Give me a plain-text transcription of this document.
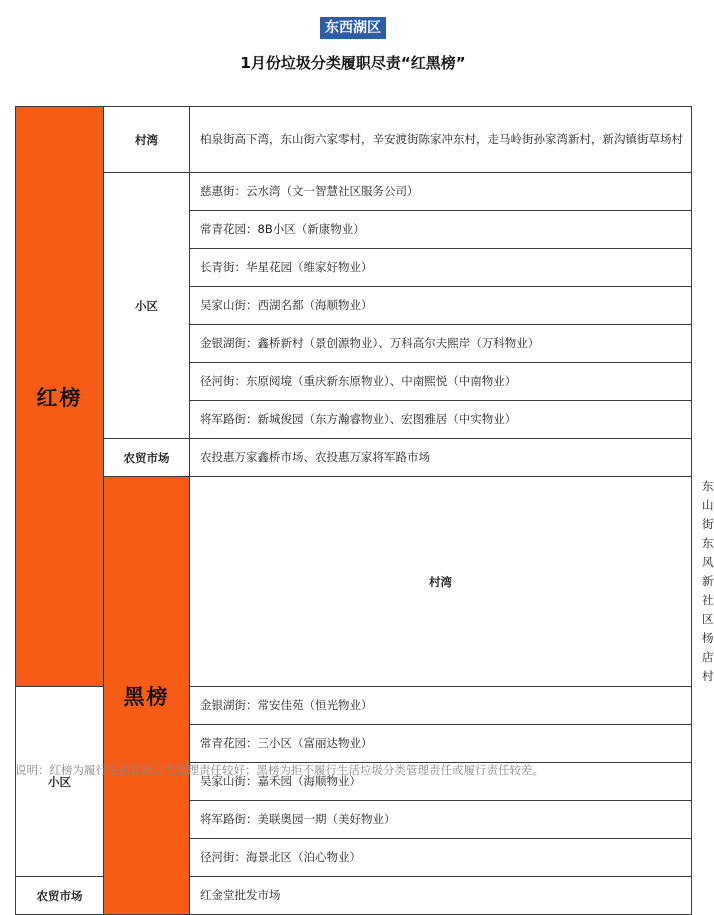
东西湖区
1月份垃圾分类履职尽责“红黑榜”
红榜	村湾	柏泉街高下湾，东山街六家零村，辛安渡街陈家冲东村，走马岭街孙家湾新村，新沟镇街草场村	
	小区	慈惠街：云水湾（文一智慧社区服务公司）	
		常青花园：8B小区（新康物业）	
		长青街：华星花园（维家好物业）	
		吴家山街：西湖名都（海顺物业）	
		金银湖街：鑫桥新村（景创源物业）、万科高尔夫熙岸（万科物业）	
		径河街：东原阅境（重庆新东原物业）、中南熙悦（中南物业）	
		将军路街：新城俊园（东方瀚睿物业）、宏图雅居（中实物业）	
	农贸市场	农投惠万家鑫桥市场、农投惠万家将军路市场	
	黑榜	村湾	东山街东风新社区杨店村
小区		金银湖街：常安佳苑（恒光物业）	
		常青花园：三小区（富丽达物业）	
		吴家山街：嘉禾园（海顺物业）	
		将军路街：美联奥园一期（美好物业）	
		径河街：海景北区（泊心物业）	
农贸市场		红金堂批发市场	
说明：红榜为履行生活垃圾分类管理责任较好；黑榜为拒不履行生活垃圾分类管理责任或履行责任较差。
